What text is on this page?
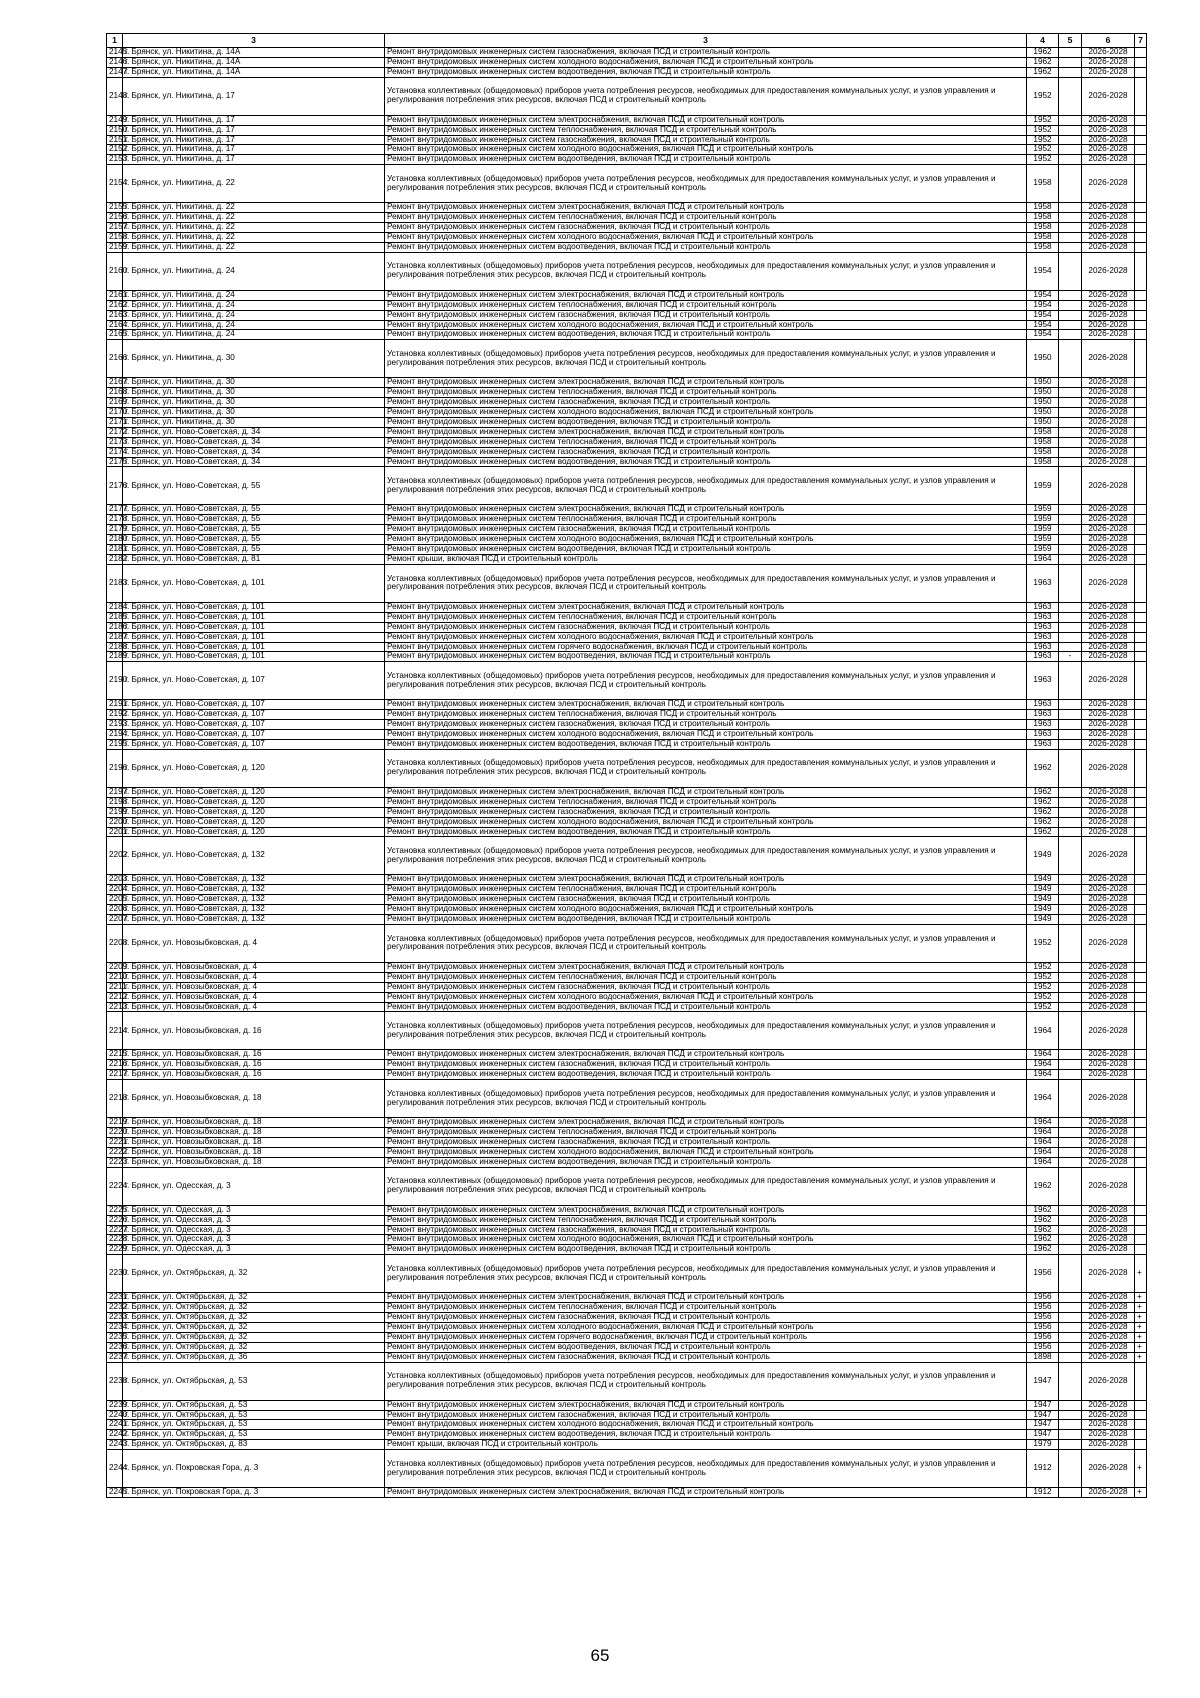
1	3	3	4	5	6	7
2145	г. Брянск, ул. Никитина, д. 14А	Ремонт внутридомовых инженерных систем газоснабжения, включая ПСД и строительный контроль	1962		2026-2028	
2146	г. Брянск, ул. Никитина, д. 14А	Ремонт внутридомовых инженерных систем холодного водоснабжения, включая ПСД и строительный контроль	1962		2026-2028	
2147	г. Брянск, ул. Никитина, д. 14А	Ремонт внутридомовых инженерных систем водоотведения, включая ПСД и строительный контроль	1962		2026-2028	
2148	г. Брянск, ул. Никитина, д. 17	Установка коллективных (общедомовых) приборов учета потребления ресурсов, необходимых для предоставления коммунальных услуг, и узлов управления и регулирования потребления этих ресурсов, включая ПСД и строительный контроль	1952		2026-2028	
2149	г. Брянск, ул. Никитина, д. 17	Ремонт внутридомовых инженерных систем электроснабжения, включая ПСД и строительный контроль	1952		2026-2028	
2150	г. Брянск, ул. Никитина, д. 17	Ремонт внутридомовых инженерных систем теплоснабжения, включая ПСД и строительный контроль	1952		2026-2028	
2151	г. Брянск, ул. Никитина, д. 17	Ремонт внутридомовых инженерных систем газоснабжения, включая ПСД и строительный контроль	1952		2026-2028	
2152	г. Брянск, ул. Никитина, д. 17	Ремонт внутридомовых инженерных систем холодного водоснабжения, включая ПСД и строительный контроль	1952		2026-2028	
2153	г. Брянск, ул. Никитина, д. 17	Ремонт внутридомовых инженерных систем водоотведения, включая ПСД и строительный контроль	1952		2026-2028	
2154	г. Брянск, ул. Никитина, д. 22	Установка коллективных (общедомовых) приборов учета потребления ресурсов, необходимых для предоставления коммунальных услуг, и узлов управления и регулирования потребления этих ресурсов, включая ПСД и строительный контроль	1958		2026-2028	
2155	г. Брянск, ул. Никитина, д. 22	Ремонт внутридомовых инженерных систем электроснабжения, включая ПСД и строительный контроль	1958		2026-2028	
2156	г. Брянск, ул. Никитина, д. 22	Ремонт внутридомовых инженерных систем теплоснабжения, включая ПСД и строительный контроль	1958		2026-2028	
2157	г. Брянск, ул. Никитина, д. 22	Ремонт внутридомовых инженерных систем газоснабжения, включая ПСД и строительный контроль	1958		2026-2028	
2158	г. Брянск, ул. Никитина, д. 22	Ремонт внутридомовых инженерных систем холодного водоснабжения, включая ПСД и строительный контроль	1958		2026-2028	
2159	г. Брянск, ул. Никитина, д. 22	Ремонт внутридомовых инженерных систем водоотведения, включая ПСД и строительный контроль	1958		2026-2028	
2160	г. Брянск, ул. Никитина, д. 24	Установка коллективных (общедомовых) приборов учета потребления ресурсов, необходимых для предоставления коммунальных услуг, и узлов управления и регулирования потребления этих ресурсов, включая ПСД и строительный контроль	1954		2026-2028	
2161	г. Брянск, ул. Никитина, д. 24	Ремонт внутридомовых инженерных систем электроснабжения, включая ПСД и строительный контроль	1954		2026-2028	
2162	г. Брянск, ул. Никитина, д. 24	Ремонт внутридомовых инженерных систем теплоснабжения, включая ПСД и строительный контроль	1954		2026-2028	
2163	г. Брянск, ул. Никитина, д. 24	Ремонт внутридомовых инженерных систем газоснабжения, включая ПСД и строительный контроль	1954		2026-2028	
2164	г. Брянск, ул. Никитина, д. 24	Ремонт внутридомовых инженерных систем холодного водоснабжения, включая ПСД и строительный контроль	1954		2026-2028	
2165	г. Брянск, ул. Никитина, д. 24	Ремонт внутридомовых инженерных систем водоотведения, включая ПСД и строительный контроль	1954		2026-2028	
2166	г. Брянск, ул. Никитина, д. 30	Установка коллективных (общедомовых) приборов учета потребления ресурсов, необходимых для предоставления коммунальных услуг, и узлов управления и регулирования потребления этих ресурсов, включая ПСД и строительный контроль	1950		2026-2028	
2167	г. Брянск, ул. Никитина, д. 30	Ремонт внутридомовых инженерных систем электроснабжения, включая ПСД и строительный контроль	1950		2026-2028	
2168	г. Брянск, ул. Никитина, д. 30	Ремонт внутридомовых инженерных систем теплоснабжения, включая ПСД и строительный контроль	1950		2026-2028	
2169	г. Брянск, ул. Никитина, д. 30	Ремонт внутридомовых инженерных систем газоснабжения, включая ПСД и строительный контроль	1950		2026-2028	
2170	г. Брянск, ул. Никитина, д. 30	Ремонт внутридомовых инженерных систем холодного водоснабжения, включая ПСД и строительный контроль	1950		2026-2028	
2171	г. Брянск, ул. Никитина, д. 30	Ремонт внутридомовых инженерных систем водоотведения, включая ПСД и строительный контроль	1950		2026-2028	
2172	г. Брянск, ул. Ново-Советская, д. 34	Ремонт внутридомовых инженерных систем электроснабжения, включая ПСД и строительный контроль	1958		2026-2028	
2173	г. Брянск, ул. Ново-Советская, д. 34	Ремонт внутридомовых инженерных систем теплоснабжения, включая ПСД и строительный контроль	1958		2026-2028	
2174	г. Брянск, ул. Ново-Советская, д. 34	Ремонт внутридомовых инженерных систем газоснабжения, включая ПСД и строительный контроль	1958		2026-2028	
2175	г. Брянск, ул. Ново-Советская, д. 34	Ремонт внутридомовых инженерных систем водоотведения, включая ПСД и строительный контроль	1958		2026-2028	
2176	г. Брянск, ул. Ново-Советская, д. 55	Установка коллективных (общедомовых) приборов учета потребления ресурсов, необходимых для предоставления коммунальных услуг, и узлов управления и регулирования потребления этих ресурсов, включая ПСД и строительный контроль	1959		2026-2028	
2177	г. Брянск, ул. Ново-Советская, д. 55	Ремонт внутридомовых инженерных систем электроснабжения, включая ПСД и строительный контроль	1959		2026-2028	
2178	г. Брянск, ул. Ново-Советская, д. 55	Ремонт внутридомовых инженерных систем теплоснабжения, включая ПСД и строительный контроль	1959		2026-2028	
2179	г. Брянск, ул. Ново-Советская, д. 55	Ремонт внутридомовых инженерных систем газоснабжения, включая ПСД и строительный контроль	1959		2026-2028	
2180	г. Брянск, ул. Ново-Советская, д. 55	Ремонт внутридомовых инженерных систем холодного водоснабжения, включая ПСД и строительный контроль	1959		2026-2028	
2181	г. Брянск, ул. Ново-Советская, д. 55	Ремонт внутридомовых инженерных систем водоотведения, включая ПСД и строительный контроль	1959		2026-2028	
2182	г. Брянск, ул. Ново-Советская, д. 81	Ремонт крыши, включая ПСД и строительный контроль	1964		2026-2028	
2183	г. Брянск, ул. Ново-Советская, д. 101	Установка коллективных (общедомовых) приборов учета потребления ресурсов, необходимых для предоставления коммунальных услуг, и узлов управления и регулирования потребления этих ресурсов, включая ПСД и строительный контроль	1963		2026-2028	
2184	г. Брянск, ул. Ново-Советская, д. 101	Ремонт внутридомовых инженерных систем электроснабжения, включая ПСД и строительный контроль	1963		2026-2028	
2185	г. Брянск, ул. Ново-Советская, д. 101	Ремонт внутридомовых инженерных систем теплоснабжения, включая ПСД и строительный контроль	1963		2026-2028	
2186	г. Брянск, ул. Ново-Советская, д. 101	Ремонт внутридомовых инженерных систем газоснабжения, включая ПСД и строительный контроль	1963		2026-2028	
2187	г. Брянск, ул. Ново-Советская, д. 101	Ремонт внутридомовых инженерных систем холодного водоснабжения, включая ПСД и строительный контроль	1963		2026-2028	
2188	г. Брянск, ул. Ново-Советская, д. 101	Ремонт внутридомовых инженерных систем горячего водоснабжения, включая ПСД и строительный контроль	1963		2026-2028	
2189	г. Брянск, ул. Ново-Советская, д. 101	Ремонт внутридомовых инженерных систем водоотведения, включая ПСД и строительный контроль	1963	-	2026-2028	
2190	г. Брянск, ул. Ново-Советская, д. 107	Установка коллективных (общедомовых) приборов учета потребления ресурсов, необходимых для предоставления коммунальных услуг, и узлов управления и регулирования потребления этих ресурсов, включая ПСД и строительный контроль	1963		2026-2028	
2191	г. Брянск, ул. Ново-Советская, д. 107	Ремонт внутридомовых инженерных систем электроснабжения, включая ПСД и строительный контроль	1963		2026-2028	
2192	г. Брянск, ул. Ново-Советская, д. 107	Ремонт внутридомовых инженерных систем теплоснабжения, включая ПСД и строительный контроль	1963		2026-2028	
2193	г. Брянск, ул. Ново-Советская, д. 107	Ремонт внутридомовых инженерных систем газоснабжения, включая ПСД и строительный контроль	1963		2026-2028	
2194	г. Брянск, ул. Ново-Советская, д. 107	Ремонт внутридомовых инженерных систем холодного водоснабжения, включая ПСД и строительный контроль	1963		2026-2028	
2195	г. Брянск, ул. Ново-Советская, д. 107	Ремонт внутридомовых инженерных систем водоотведения, включая ПСД и строительный контроль	1963		2026-2028	
2196	г. Брянск, ул. Ново-Советская, д. 120	Установка коллективных (общедомовых) приборов учета потребления ресурсов, необходимых для предоставления коммунальных услуг, и узлов управления и регулирования потребления этих ресурсов, включая ПСД и строительный контроль	1962		2026-2028	
2197	г. Брянск, ул. Ново-Советская, д. 120	Ремонт внутридомовых инженерных систем электроснабжения, включая ПСД и строительный контроль	1962		2026-2028	
2198	г. Брянск, ул. Ново-Советская, д. 120	Ремонт внутридомовых инженерных систем теплоснабжения, включая ПСД и строительный контроль	1962		2026-2028	
2199	г. Брянск, ул. Ново-Советская, д. 120	Ремонт внутридомовых инженерных систем газоснабжения, включая ПСД и строительный контроль	1962		2026-2028	
2200	г. Брянск, ул. Ново-Советская, д. 120	Ремонт внутридомовых инженерных систем холодного водоснабжения, включая ПСД и строительный контроль	1962		2026-2028	
2201	г. Брянск, ул. Ново-Советская, д. 120	Ремонт внутридомовых инженерных систем водоотведения, включая ПСД и строительный контроль	1962		2026-2028	
2202	г. Брянск, ул. Ново-Советская, д. 132	Установка коллективных (общедомовых) приборов учета потребления ресурсов, необходимых для предоставления коммунальных услуг, и узлов управления и регулирования потребления этих ресурсов, включая ПСД и строительный контроль	1949		2026-2028	
2203	г. Брянск, ул. Ново-Советская, д. 132	Ремонт внутридомовых инженерных систем электроснабжения, включая ПСД и строительный контроль	1949		2026-2028	
2204	г. Брянск, ул. Ново-Советская, д. 132	Ремонт внутридомовых инженерных систем теплоснабжения, включая ПСД и строительный контроль	1949		2026-2028	
2205	г. Брянск, ул. Ново-Советская, д. 132	Ремонт внутридомовых инженерных систем газоснабжения, включая ПСД и строительный контроль	1949		2026-2028	
2206	г. Брянск, ул. Ново-Советская, д. 132	Ремонт внутридомовых инженерных систем холодного водоснабжения, включая ПСД и строительный контроль	1949		2026-2028	
2207	г. Брянск, ул. Ново-Советская, д. 132	Ремонт внутридомовых инженерных систем водоотведения, включая ПСД и строительный контроль	1949		2026-2028	
2208	г. Брянск, ул. Новозыбковская, д. 4	Установка коллективных (общедомовых) приборов учета потребления ресурсов, необходимых для предоставления коммунальных услуг, и узлов управления и регулирования потребления этих ресурсов, включая ПСД и строительный контроль	1952		2026-2028	
2209	г. Брянск, ул. Новозыбковская, д. 4	Ремонт внутридомовых инженерных систем электроснабжения, включая ПСД и строительный контроль	1952		2026-2028	
2210	г. Брянск, ул. Новозыбковская, д. 4	Ремонт внутридомовых инженерных систем теплоснабжения, включая ПСД и строительный контроль	1952		2026-2028	
2211	г. Брянск, ул. Новозыбковская, д. 4	Ремонт внутридомовых инженерных систем газоснабжения, включая ПСД и строительный контроль	1952		2026-2028	
2212	г. Брянск, ул. Новозыбковская, д. 4	Ремонт внутридомовых инженерных систем холодного водоснабжения, включая ПСД и строительный контроль	1952		2026-2028	
2213	г. Брянск, ул. Новозыбковская, д. 4	Ремонт внутридомовых инженерных систем водоотведения, включая ПСД и строительный контроль	1952		2026-2028	
2214	г. Брянск, ул. Новозыбковская, д. 16	Установка коллективных (общедомовых) приборов учета потребления ресурсов, необходимых для предоставления коммунальных услуг, и узлов управления и регулирования потребления этих ресурсов, включая ПСД и строительный контроль	1964		2026-2028	
2215	г. Брянск, ул. Новозыбковская, д. 16	Ремонт внутридомовых инженерных систем электроснабжения, включая ПСД и строительный контроль	1964		2026-2028	
2216	г. Брянск, ул. Новозыбковская, д. 16	Ремонт внутридомовых инженерных систем газоснабжения, включая ПСД и строительный контроль	1964		2026-2028	
2217	г. Брянск, ул. Новозыбковская, д. 16	Ремонт внутридомовых инженерных систем водоотведения, включая ПСД и строительный контроль	1964		2026-2028	
2218	г. Брянск, ул. Новозыбковская, д. 18	Установка коллективных (общедомовых) приборов учета потребления ресурсов, необходимых для предоставления коммунальных услуг, и узлов управления и регулирования потребления этих ресурсов, включая ПСД и строительный контроль	1964		2026-2028	
2219	г. Брянск, ул. Новозыбковская, д. 18	Ремонт внутридомовых инженерных систем электроснабжения, включая ПСД и строительный контроль	1964		2026-2028	
2220	г. Брянск, ул. Новозыбковская, д. 18	Ремонт внутридомовых инженерных систем теплоснабжения, включая ПСД и строительный контроль	1964		2026-2028	
2221	г. Брянск, ул. Новозыбковская, д. 18	Ремонт внутридомовых инженерных систем газоснабжения, включая ПСД и строительный контроль	1964		2026-2028	
2222	г. Брянск, ул. Новозыбковская, д. 18	Ремонт внутридомовых инженерных систем холодного водоснабжения, включая ПСД и строительный контроль	1964		2026-2028	
2223	г. Брянск, ул. Новозыбковская, д. 18	Ремонт внутридомовых инженерных систем водоотведения, включая ПСД и строительный контроль	1964		2026-2028	
2224	г. Брянск, ул. Одесская, д. 3	Установка коллективных (общедомовых) приборов учета потребления ресурсов, необходимых для предоставления коммунальных услуг, и узлов управления и регулирования потребления этих ресурсов, включая ПСД и строительный контроль	1962		2026-2028	
2225	г. Брянск, ул. Одесская, д. 3	Ремонт внутридомовых инженерных систем электроснабжения, включая ПСД и строительный контроль	1962		2026-2028	
2226	г. Брянск, ул. Одесская, д. 3	Ремонт внутридомовых инженерных систем теплоснабжения, включая ПСД и строительный контроль	1962		2026-2028	
2227	г. Брянск, ул. Одесская, д. 3	Ремонт внутридомовых инженерных систем газоснабжения, включая ПСД и строительный контроль	1962		2026-2028	
2228	г. Брянск, ул. Одесская, д. 3	Ремонт внутридомовых инженерных систем холодного водоснабжения, включая ПСД и строительный контроль	1962		2026-2028	
2229	г. Брянск, ул. Одесская, д. 3	Ремонт внутридомовых инженерных систем водоотведения, включая ПСД и строительный контроль	1962		2026-2028	
2230	г. Брянск, ул. Октябрьская, д. 32	Установка коллективных (общедомовых) приборов учета потребления ресурсов, необходимых для предоставления коммунальных услуг, и узлов управления и регулирования потребления этих ресурсов, включая ПСД и строительный контроль	1956		2026-2028	+
2231	г. Брянск, ул. Октябрьская, д. 32	Ремонт внутридомовых инженерных систем электроснабжения, включая ПСД и строительный контроль	1956		2026-2028	+
2232	г. Брянск, ул. Октябрьская, д. 32	Ремонт внутридомовых инженерных систем теплоснабжения, включая ПСД и строительный контроль	1956		2026-2028	+
2233	г. Брянск, ул. Октябрьская, д. 32	Ремонт внутридомовых инженерных систем газоснабжения, включая ПСД и строительный контроль	1956		2026-2028	+
2234	г. Брянск, ул. Октябрьская, д. 32	Ремонт внутридомовых инженерных систем холодного водоснабжения, включая ПСД и строительный контроль	1956		2026-2028	+
2235	г. Брянск, ул. Октябрьская, д. 32	Ремонт внутридомовых инженерных систем горячего водоснабжения, включая ПСД и строительный контроль	1956		2026-2028	+
2236	г. Брянск, ул. Октябрьская, д. 32	Ремонт внутридомовых инженерных систем водоотведения, включая ПСД и строительный контроль	1956		2026-2028	+
2237	г. Брянск, ул. Октябрьская, д. 36	Ремонт внутридомовых инженерных систем газоснабжения, включая ПСД и строительный контроль	1898		2026-2028	+
2238	г. Брянск, ул. Октябрьская, д. 53	Установка коллективных (общедомовых) приборов учета потребления ресурсов, необходимых для предоставления коммунальных услуг, и узлов управления и регулирования потребления этих ресурсов, включая ПСД и строительный контроль	1947		2026-2028	
2239	г. Брянск, ул. Октябрьская, д. 53	Ремонт внутридомовых инженерных систем электроснабжения, включая ПСД и строительный контроль	1947		2026-2028	
2240	г. Брянск, ул. Октябрьская, д. 53	Ремонт внутридомовых инженерных систем газоснабжения, включая ПСД и строительный контроль	1947		2026-2028	
2241	г. Брянск, ул. Октябрьская, д. 53	Ремонт внутридомовых инженерных систем холодного водоснабжения, включая ПСД и строительный контроль	1947		2026-2028	
2242	г. Брянск, ул. Октябрьская, д. 53	Ремонт внутридомовых инженерных систем водоотведения, включая ПСД и строительный контроль	1947		2026-2028	
2243	г. Брянск, ул. Октябрьская, д. 83	Ремонт крыши, включая ПСД и строительный контроль	1979		2026-2028	
2244	г. Брянск, ул. Покровская Гора, д. 3	Установка коллективных (общедомовых) приборов учета потребления ресурсов, необходимых для предоставления коммунальных услуг, и узлов управления и регулирования потребления этих ресурсов, включая ПСД и строительный контроль	1912		2026-2028	+
2245	г. Брянск, ул. Покровская Гора, д. 3	Ремонт внутридомовых инженерных систем электроснабжения, включая ПСД и строительный контроль	1912		2026-2028	+
65
